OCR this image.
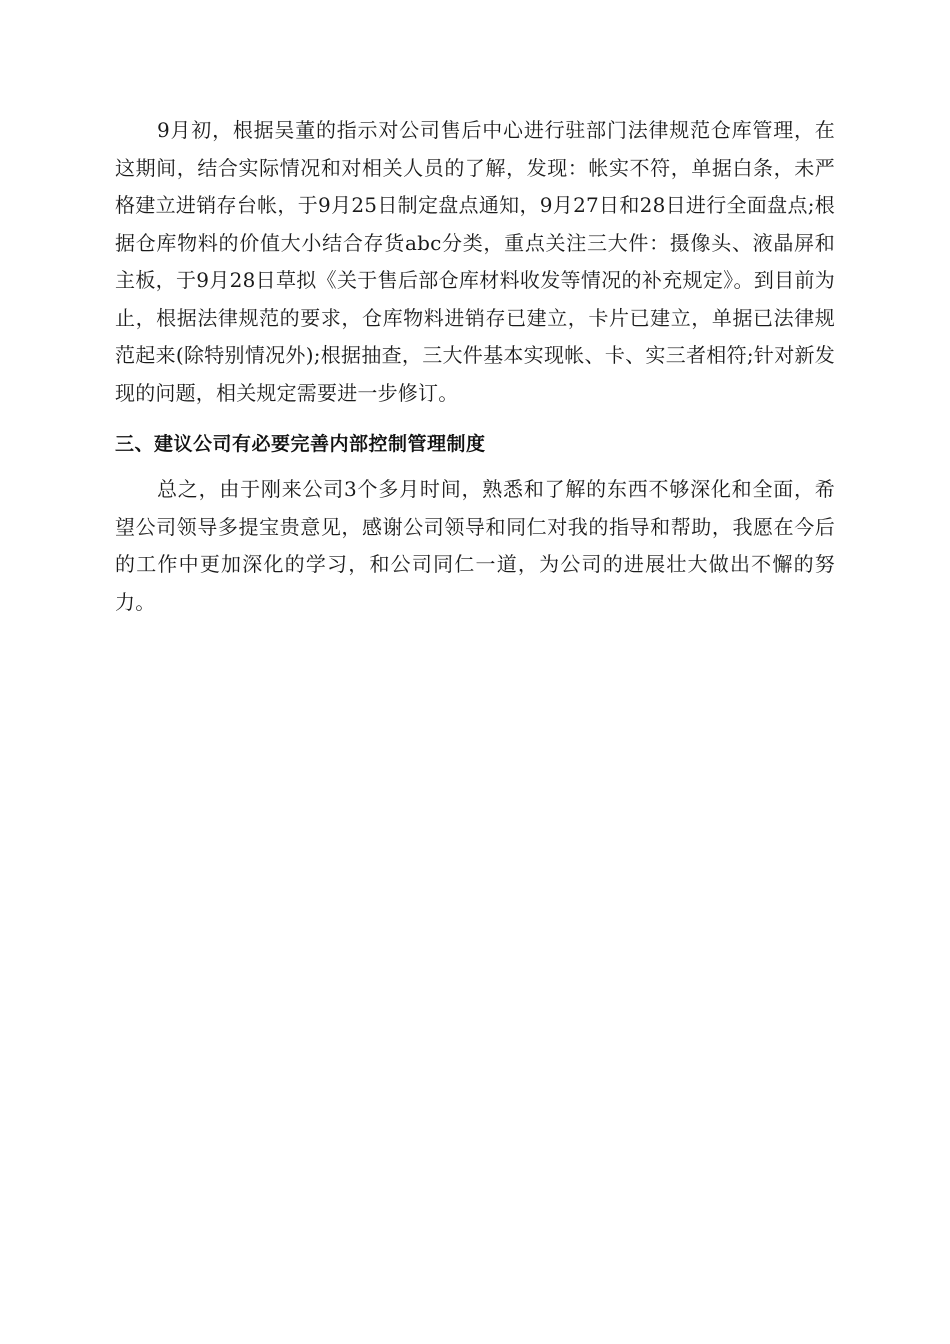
9月初，根据吴董的指示对公司售后中心进行驻部门法律规范仓库管理，在这期间，结合实际情况和对相关人员的了解，发现：帐实不符，单据白条，未严格建立进销存台帐，于9月25日制定盘点通知，9月27日和28日进行全面盘点;根据仓库物料的价值大小结合存货abc分类，重点关注三大件：摄像头、液晶屏和主板，于9月28日草拟《关于售后部仓库材料收发等情况的补充规定》。到目前为止，根据法律规范的要求，仓库物料进销存已建立，卡片已建立，单据已法律规范起来(除特别情况外);根据抽查，三大件基本实现帐、卡、实三者相符;针对新发现的问题，相关规定需要进一步修订。

三、建议公司有必要完善内部控制管理制度

总之，由于刚来公司3个多月时间，熟悉和了解的东西不够深化和全面，希望公司领导多提宝贵意见，感谢公司领导和同仁对我的指导和帮助，我愿在今后的工作中更加深化的学习，和公司同仁一道，为公司的进展壮大做出不懈的努力。
